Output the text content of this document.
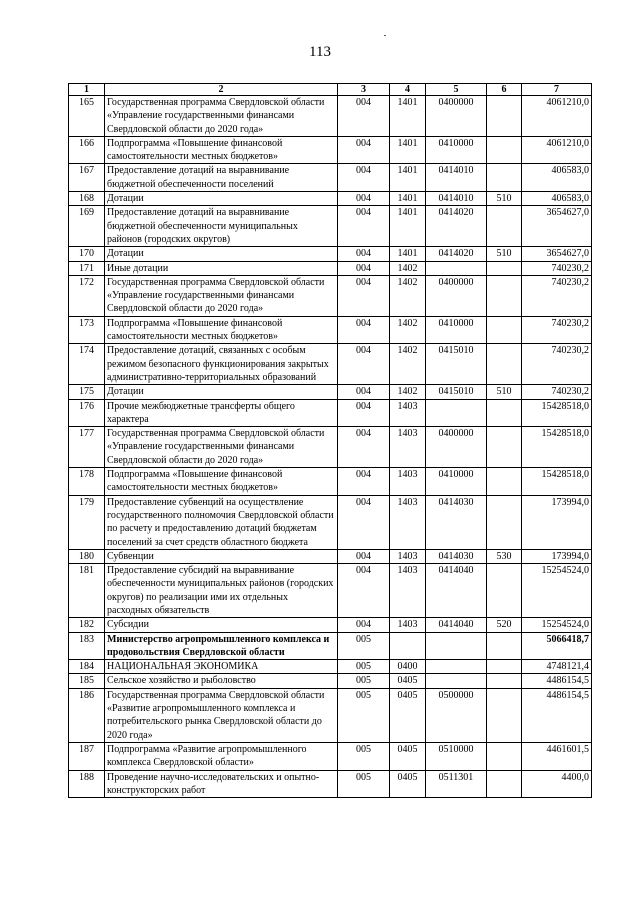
113
1	2	3	4	5	6	7
165	Государственная программа Свердловской области «Управление государственными финансами Свердловской области до 2020 года»	004	1401	0400000		4061210,0
166	Подпрограмма «Повышение финансовой самостоятельности местных бюджетов»	004	1401	0410000		4061210,0
167	Предоставление дотаций на выравнивание бюджетной обеспеченности поселений	004	1401	0414010		406583,0
168	Дотации	004	1401	0414010	510	406583,0
169	Предоставление дотаций на выравнивание бюджетной обеспеченности муниципальных районов (городских округов)	004	1401	0414020		3654627,0
170	Дотации	004	1401	0414020	510	3654627,0
171	Иные дотации	004	1402			740230,2
172	Государственная программа Свердловской области «Управление государственными финансами Свердловской области до 2020 года»	004	1402	0400000		740230,2
173	Подпрограмма «Повышение финансовой самостоятельности местных бюджетов»	004	1402	0410000		740230,2
174	Предоставление дотаций, связанных с особым режимом безопасного функционирования закрытых административно-территориальных образований	004	1402	0415010		740230,2
175	Дотации	004	1402	0415010	510	740230,2
176	Прочие межбюджетные трансферты общего характера	004	1403			15428518,0
177	Государственная программа Свердловской области «Управление государственными финансами Свердловской области до 2020 года»	004	1403	0400000		15428518,0
178	Подпрограмма «Повышение финансовой самостоятельности местных бюджетов»	004	1403	0410000		15428518,0
179	Предоставление субвенций на осуществление государственного полномочия Свердловской области по расчету и предоставлению дотаций бюджетам поселений за счет средств областного бюджета	004	1403	0414030		173994,0
180	Субвенции	004	1403	0414030	530	173994,0
181	Предоставление субсидий на выравнивание обеспеченности муниципальных районов (городских округов) по реализации ими их отдельных расходных обязательств	004	1403	0414040		15254524,0
182	Субсидии	004	1403	0414040	520	15254524,0
183	Министерство агропромышленного комплекса и продовольствия Свердловской области	005				5066418,7
184	НАЦИОНАЛЬНАЯ ЭКОНОМИКА	005	0400			4748121,4
185	Сельское хозяйство и рыболовство	005	0405			4486154,5
186	Государственная программа Свердловской области «Развитие агропромышленного комплекса и потребительского рынка Свердловской области до 2020 года»	005	0405	0500000		4486154,5
187	Подпрограмма «Развитие агропромышленного комплекса Свердловской области»	005	0405	0510000		4461601,5
188	Проведение научно-исследовательских и опытно-конструкторских работ	005	0405	0511301		4400,0
